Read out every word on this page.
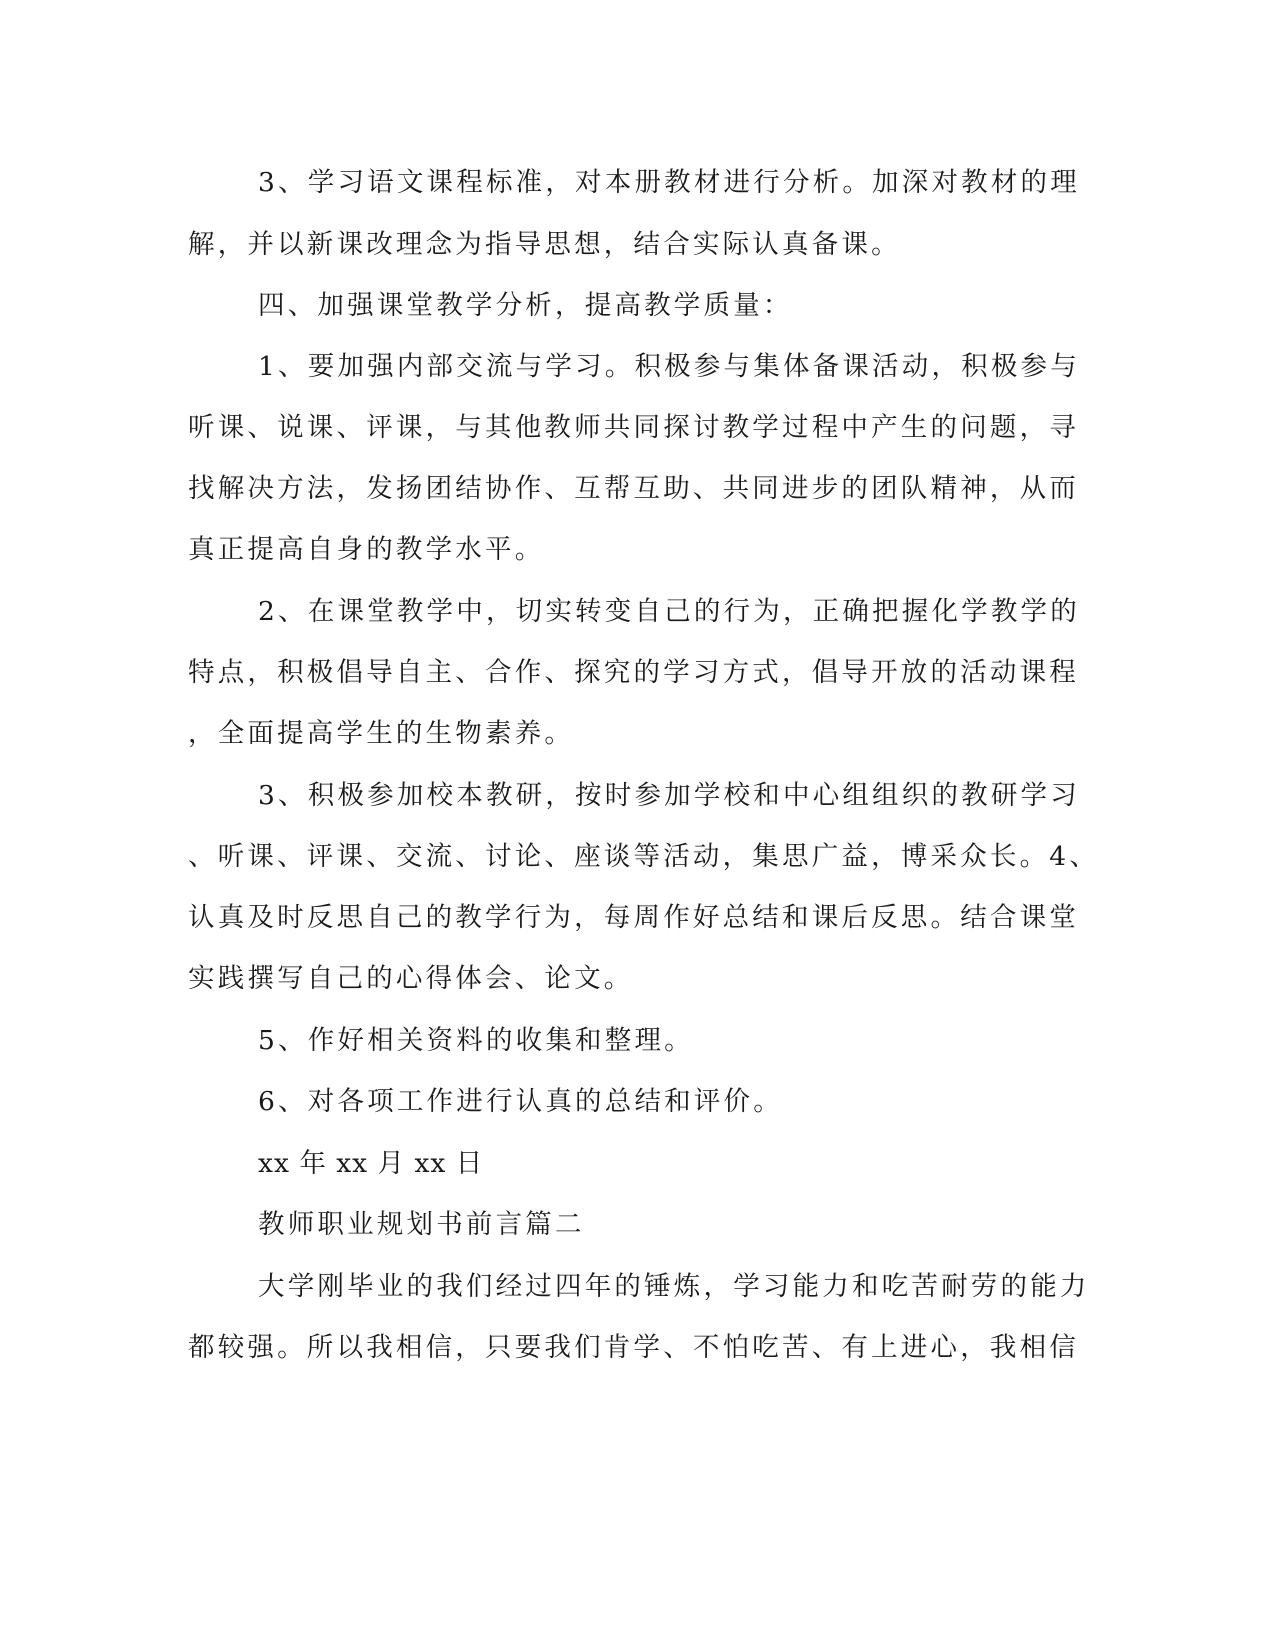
3、学习语文课程标准，对本册教材进行分析。加深对教材的理
解，并以新课改理念为指导思想，结合实际认真备课。
四、加强课堂教学分析，提高教学质量：
1、要加强内部交流与学习。积极参与集体备课活动，积极参与
听课、说课、评课，与其他教师共同探讨教学过程中产生的问题，寻
找解决方法，发扬团结协作、互帮互助、共同进步的团队精神，从而
真正提高自身的教学水平。
2、在课堂教学中，切实转变自己的行为，正确把握化学教学的
特点，积极倡导自主、合作、探究的学习方式，倡导开放的活动课程
，全面提高学生的生物素养。
3、积极参加校本教研，按时参加学校和中心组组织的教研学习
、听课、评课、交流、讨论、座谈等活动，集思广益，博采众长。4、
认真及时反思自己的教学行为，每周作好总结和课后反思。结合课堂
实践撰写自己的心得体会、论文。
5、作好相关资料的收集和整理。
6、对各项工作进行认真的总结和评价。
xx 年 xx 月 xx 日
教师职业规划书前言篇二
大学刚毕业的我们经过四年的锤炼，学习能力和吃苦耐劳的能力
都较强。所以我相信，只要我们肯学、不怕吃苦、有上进心，我相信
